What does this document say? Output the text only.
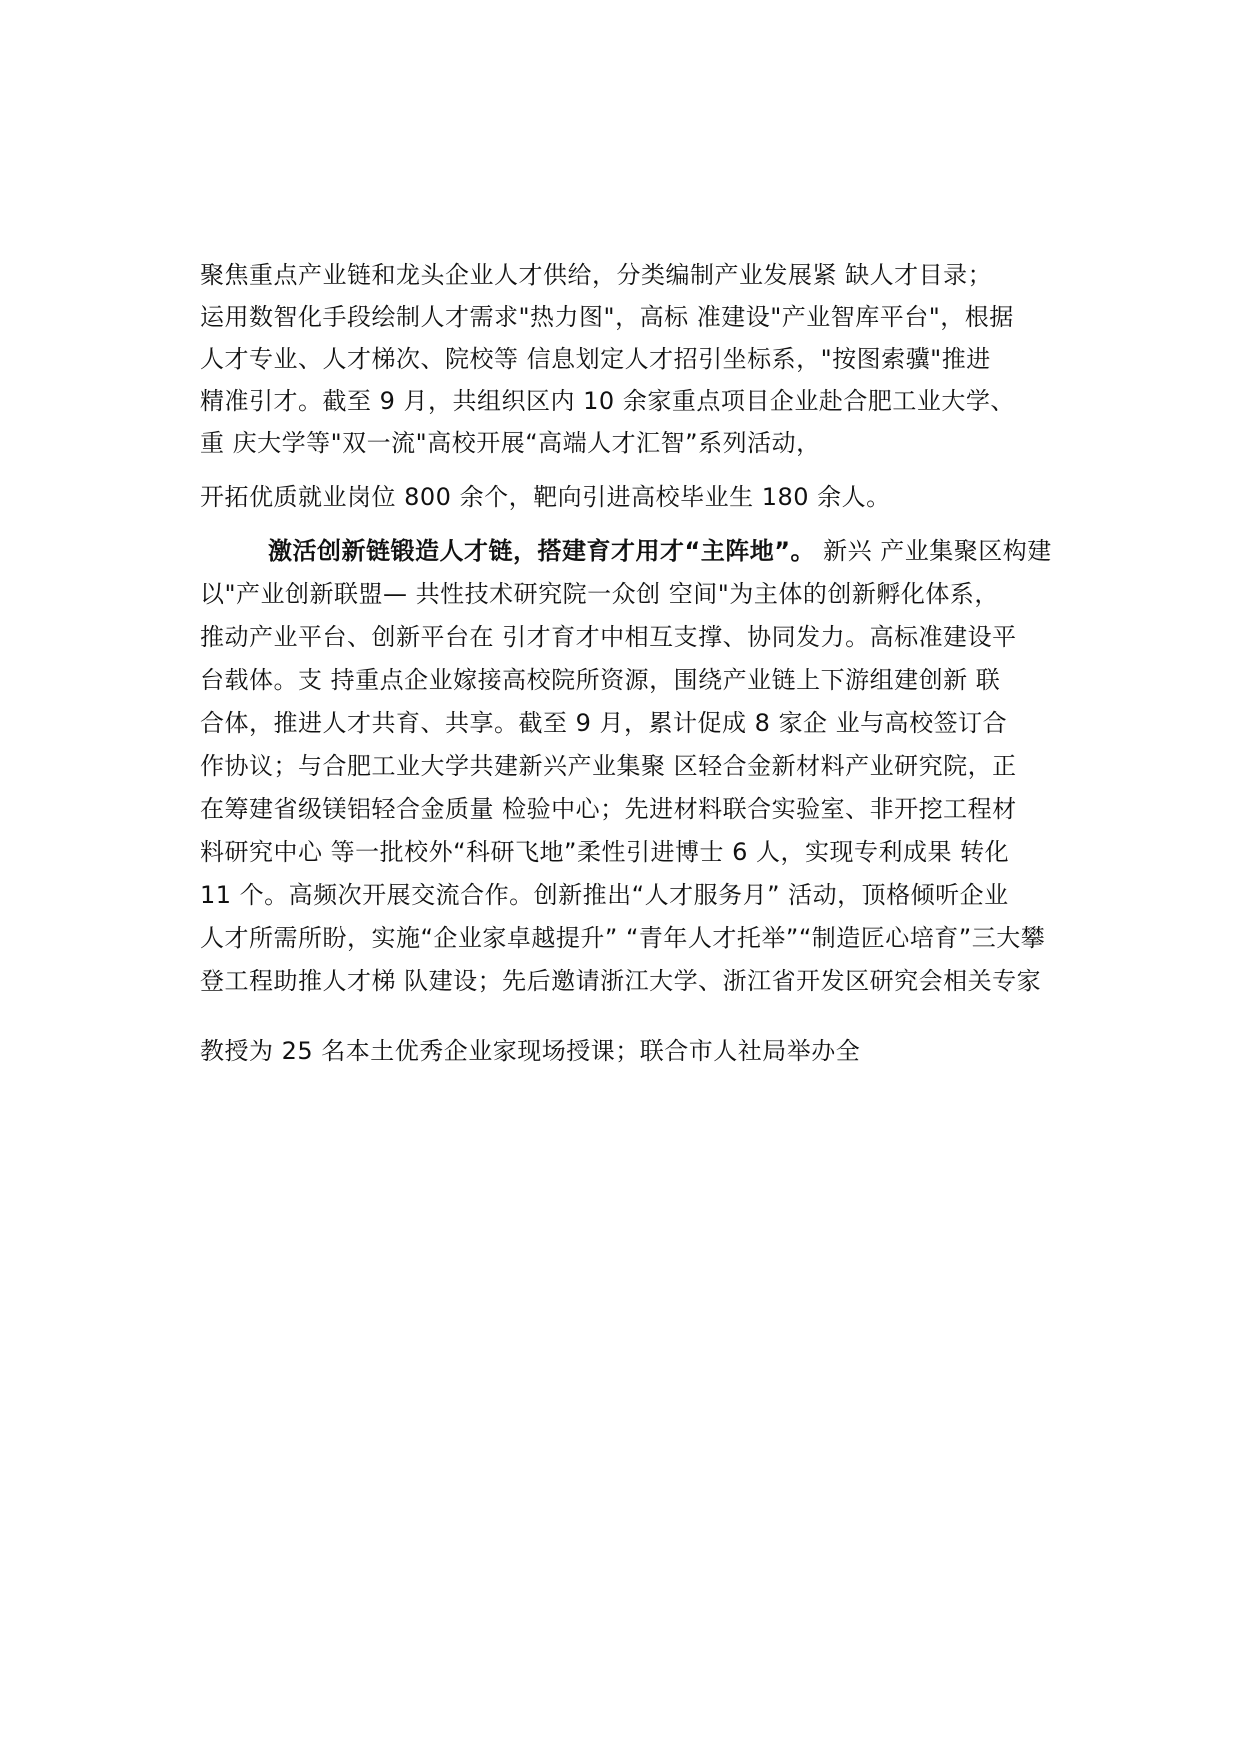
聚焦重点产业链和龙头企业人才供给，分类编制产业发展紧 缺人才目录；
运用数智化手段绘制人才需求"热力图"，高标 准建设"产业智库平台"，根据
人才专业、人才梯次、院校等 信息划定人才招引坐标系，"按图索骥"推进
精准引才。截至 9 月，共组织区内 10 余家重点项目企业赴合肥工业大学、
重 庆大学等"双一流"高校开展“高端人才汇智”系列活动，
开拓优质就业岗位 800 余个，靶向引进高校毕业生 180 余人。
激活创新链锻造人才链，搭建育才用才“主阵地”。 新兴 产业集聚区构建
以"产业创新联盟— 共性技术研究院一众创 空间"为主体的创新孵化体系，
推动产业平台、创新平台在 引才育才中相互支撑、协同发力。高标准建设平
台载体。支 持重点企业嫁接高校院所资源，围绕产业链上下游组建创新 联
合体，推进人才共育、共享。截至 9 月，累计促成 8 家企 业与高校签订合
作协议；与合肥工业大学共建新兴产业集聚 区轻合金新材料产业研究院，正
在筹建省级镁铝轻合金质量 检验中心；先进材料联合实验室、非开挖工程材
料研究中心 等一批校外“科研飞地”柔性引进博士 6 人，实现专利成果 转化
11 个。高频次开展交流合作。创新推出“人才服务月” 活动，顶格倾听企业
人才所需所盼，实施“企业家卓越提升” “青年人才托举”“制造匠心培育”三大攀
登工程助推人才梯 队建设；先后邀请浙江大学、浙江省开发区研究会相关专家
教授为 25 名本土优秀企业家现场授课；联合市人社局举办全
